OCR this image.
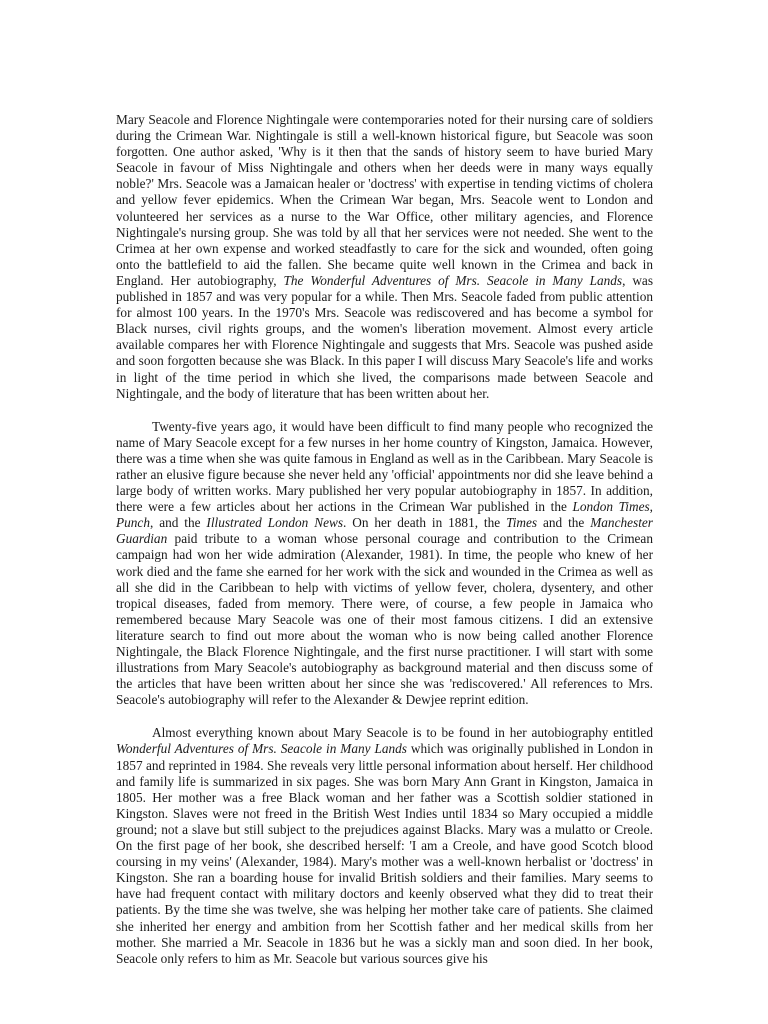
Mary Seacole and Florence Nightingale were contemporaries noted for their nursing care of soldiers during the Crimean War. Nightingale is still a well-known historical figure, but Seacole was soon forgotten. One author asked, 'Why is it then that the sands of history seem to have buried Mary Seacole in favour of Miss Nightingale and others when her deeds were in many ways equally noble?' Mrs. Seacole was a Jamaican healer or 'doctress' with expertise in tending victims of cholera and yellow fever epidemics. When the Crimean War began, Mrs. Seacole went to London and volunteered her services as a nurse to the War Office, other military agencies, and Florence Nightingale's nursing group. She was told by all that her services were not needed. She went to the Crimea at her own expense and worked steadfastly to care for the sick and wounded, often going onto the battlefield to aid the fallen. She became quite well known in the Crimea and back in England. Her autobiography, The Wonderful Adventures of Mrs. Seacole in Many Lands, was published in 1857 and was very popular for a while. Then Mrs. Seacole faded from public attention for almost 100 years. In the 1970's Mrs. Seacole was rediscovered and has become a symbol for Black nurses, civil rights groups, and the women's liberation movement. Almost every article available compares her with Florence Nightingale and suggests that Mrs. Seacole was pushed aside and soon forgotten because she was Black. In this paper I will discuss Mary Seacole's life and works in light of the time period in which she lived, the comparisons made between Seacole and Nightingale, and the body of literature that has been written about her.

Twenty-five years ago, it would have been difficult to find many people who recognized the name of Mary Seacole except for a few nurses in her home country of Kingston, Jamaica. However, there was a time when she was quite famous in England as well as in the Caribbean. Mary Seacole is rather an elusive figure because she never held any 'official' appointments nor did she leave behind a large body of written works. Mary published her very popular autobiography in 1857. In addition, there were a few articles about her actions in the Crimean War published in the London Times, Punch, and the Illustrated London News. On her death in 1881, the Times and the Manchester Guardian paid tribute to a woman whose personal courage and contribution to the Crimean campaign had won her wide admiration (Alexander, 1981). In time, the people who knew of her work died and the fame she earned for her work with the sick and wounded in the Crimea as well as all she did in the Caribbean to help with victims of yellow fever, cholera, dysentery, and other tropical diseases, faded from memory. There were, of course, a few people in Jamaica who remembered because Mary Seacole was one of their most famous citizens. I did an extensive literature search to find out more about the woman who is now being called another Florence Nightingale, the Black Florence Nightingale, and the first nurse practitioner. I will start with some illustrations from Mary Seacole's autobiography as background material and then discuss some of the articles that have been written about her since she was 'rediscovered.' All references to Mrs. Seacole's autobiography will refer to the Alexander & Dewjee reprint edition.

Almost everything known about Mary Seacole is to be found in her autobiography entitled Wonderful Adventures of Mrs. Seacole in Many Lands which was originally published in London in 1857 and reprinted in 1984. She reveals very little personal information about herself. Her childhood and family life is summarized in six pages. She was born Mary Ann Grant in Kingston, Jamaica in 1805. Her mother was a free Black woman and her father was a Scottish soldier stationed in Kingston. Slaves were not freed in the British West Indies until 1834 so Mary occupied a middle ground; not a slave but still subject to the prejudices against Blacks. Mary was a mulatto or Creole. On the first page of her book, she described herself: 'I am a Creole, and have good Scotch blood coursing in my veins' (Alexander, 1984). Mary's mother was a well-known herbalist or 'doctress' in Kingston. She ran a boarding house for invalid British soldiers and their families. Mary seems to have had frequent contact with military doctors and keenly observed what they did to treat their patients. By the time she was twelve, she was helping her mother take care of patients. She claimed she inherited her energy and ambition from her Scottish father and her medical skills from her mother. She married a Mr. Seacole in 1836 but he was a sickly man and soon died. In her book, Seacole only refers to him as Mr. Seacole but various sources give his
